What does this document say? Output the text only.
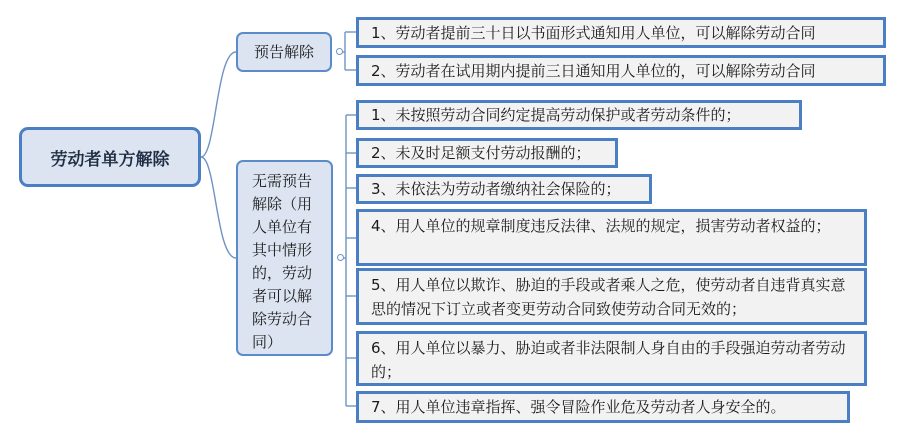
劳动者单方解除
预告解除
无需预告解除（用人单位有其中情形的，劳动者可以解除劳动合同）
1、劳动者提前三十日以书面形式通知用人单位，可以解除劳动合同
2、劳动者在试用期内提前三日通知用人单位的，可以解除劳动合同
1、未按照劳动合同约定提高劳动保护或者劳动条件的；
2、未及时足额支付劳动报酬的；
3、未依法为劳动者缴纳社会保险的；
4、用人单位的规章制度违反法律、法规的规定，损害劳动者权益的；
5、用人单位以欺诈、胁迫的手段或者乘人之危，使劳动者自违背真实意思的情况下订立或者变更劳动合同致使劳动合同无效的；
6、用人单位以暴力、胁迫或者非法限制人身自由的手段强迫劳动者劳动的；
7、用人单位违章指挥、强令冒险作业危及劳动者人身安全的。
